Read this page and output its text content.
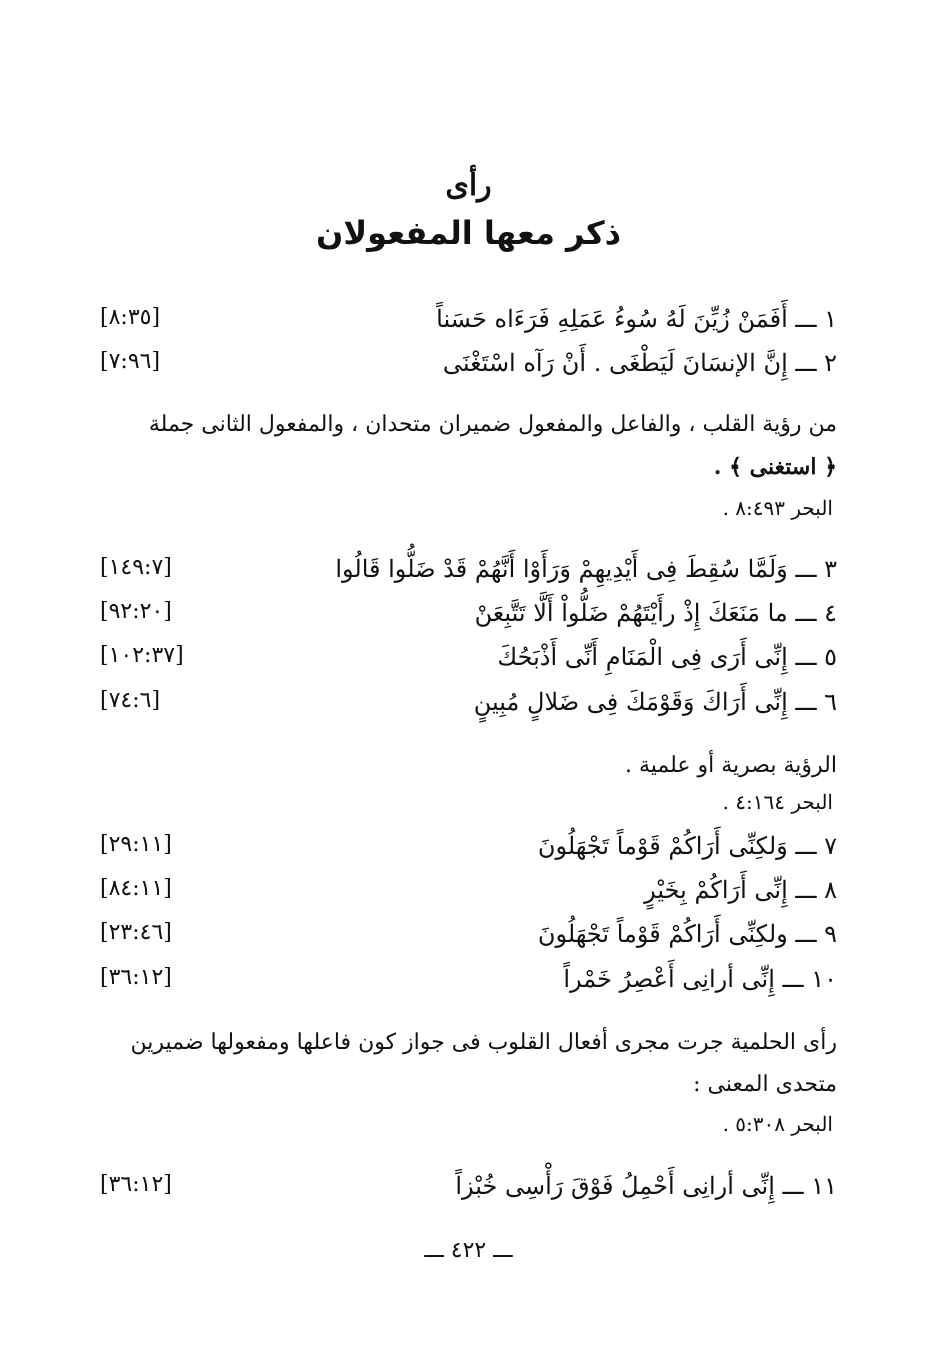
رأى
ذكر معها المفعولان
١ ـــ أَفَمَنْ زُيِّنَ لَهُ سُوءُ عَمَلِهِ فَرَءَاه حَسَناً
[٨:٣٥]
٢ ـــ إِنَّ الإنسَانَ لَيَطْغَى . أَنْ رَآه اسْتَغْنَى
[٧:٩٦]
من رؤية القلب ، والفاعل والمفعول ضميران متحدان ، والمفعول الثانى جملة
﴿ استغنى ﴾ .
البحر ٨:٤٩٣ .
٣ ـــ وَلَمَّا سُقِطَ فِى أَيْدِيهِمْ وَرَأَوْا أَنَّهُمْ قَدْ ضَلُّوا قَالُوا
[١٤٩:٧]
٤ ـــ ما مَنَعَكَ إِذْ رأَيْتَهُمْ ضَلُّواْ أَلَّا تَتَّبِعَنْ
[٩٢:٢٠]
٥ ـــ إِنِّى أَرَى فِى الْمَنَامِ أَنِّى أَذْبَحُكَ
[١٠٢:٣٧]
٦ ـــ إِنِّى أَرَاكَ وَقَوْمَكَ فِى ضَلالٍ مُبِينٍ
[٧٤:٦]
الرؤية بصرية أو علمية .
البحر ٤:١٦٤ .
٧ ـــ وَلكِنِّى أَرَاكُمْ قَوْماً تَجْهَلُونَ
[٢٩:١١]
٨ ـــ إِنِّى أَرَاكُمْ بِخَيْرٍ
[٨٤:١١]
٩ ـــ ولكِنِّى أَرَاكُمْ قَوْماً تَجْهَلُونَ
[٢٣:٤٦]
١٠ ـــ إِنِّى أرانِى أَعْصِرُ خَمْراً
[٣٦:١٢]
رأى الحلمية جرت مجرى أفعال القلوب فى جواز كون فاعلها ومفعولها ضميرين
متحدى المعنى :
البحر ٥:٣٠٨ .
١١ ـــ إِنِّى أرانِى أَحْمِلُ فَوْقَ رَأْسِى خُبْزاً
[٣٦:١٢]
ـــ ٤٢٢ ـــ
